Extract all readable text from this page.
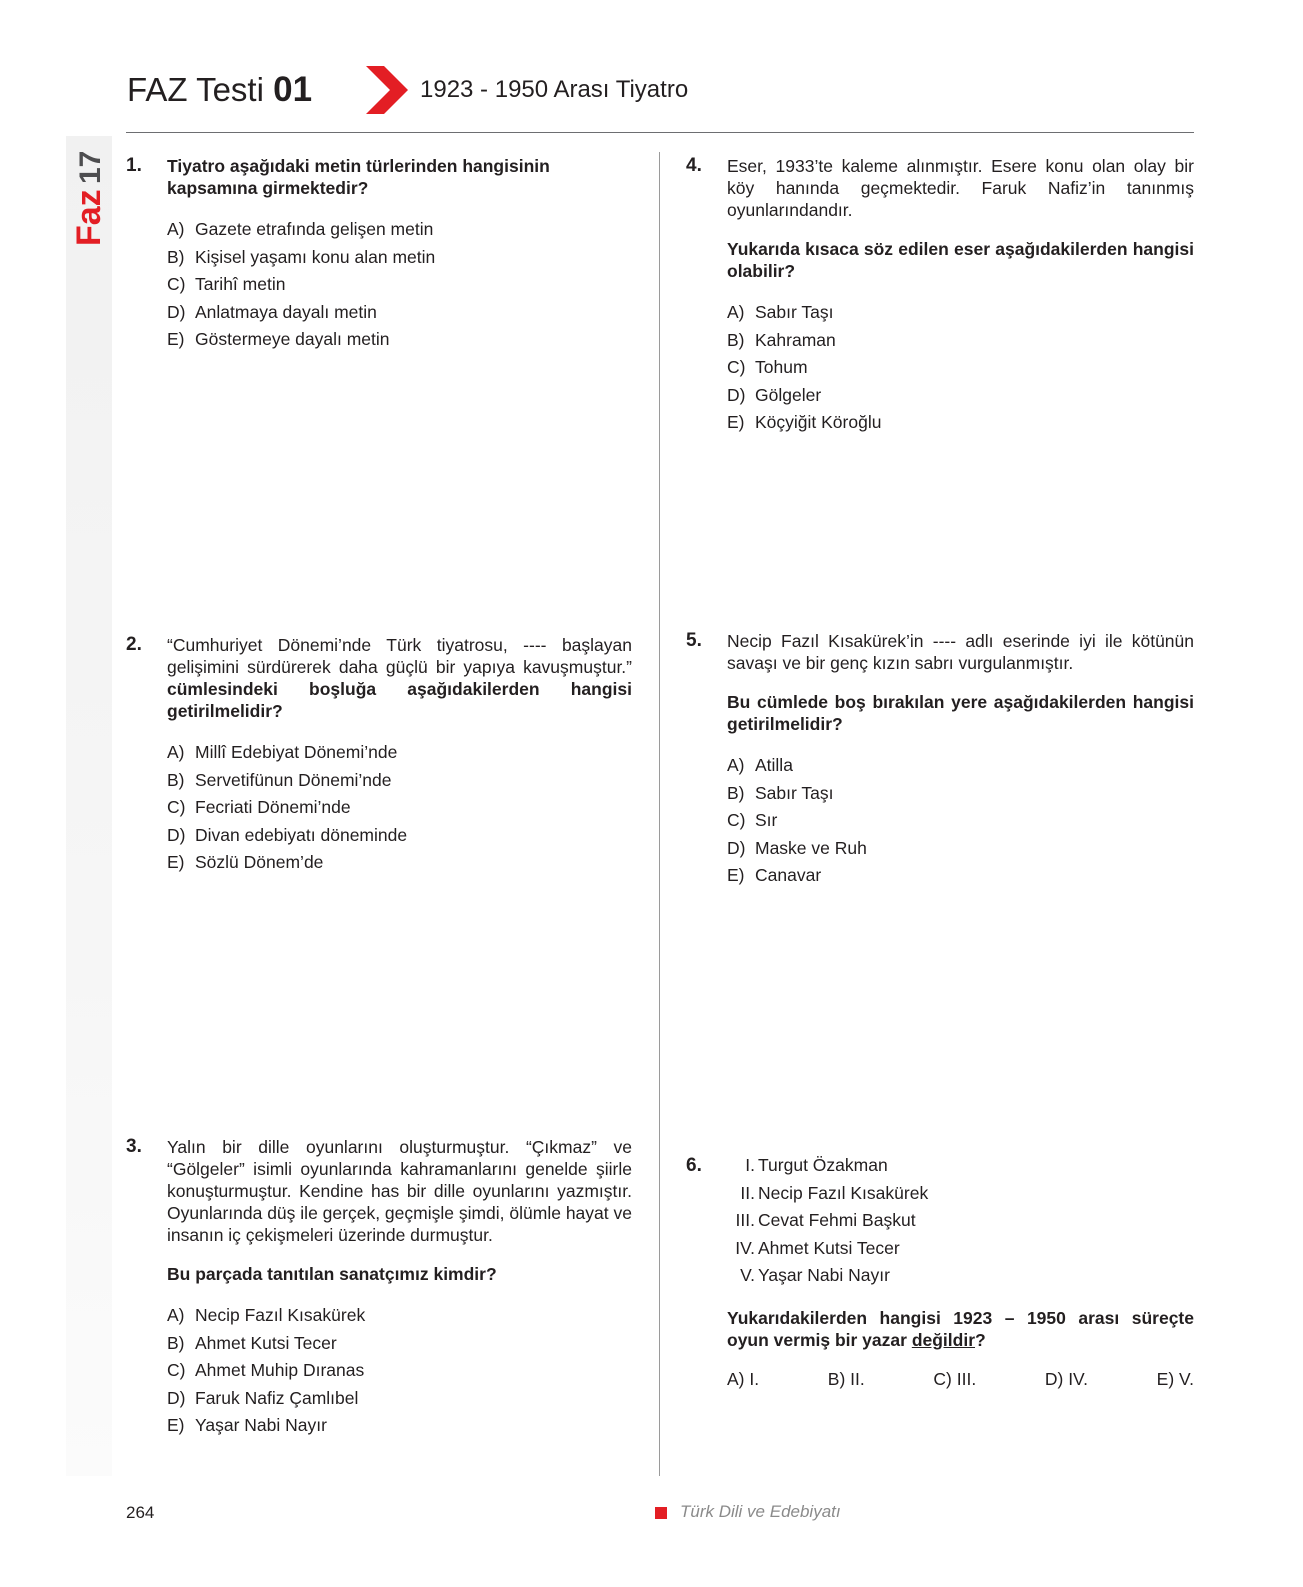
Faz
17
FAZ Testi 01	1923 - 1950 Arası Tiyatro
1. Tiyatro aşağıdaki metin türlerinden hangisinin kapsamına girmektedir?

A) Gazete etrafında gelişen metin
B) Kişisel yaşamı konu alan metin
C) Tarihî metin
D) Anlatmaya dayalı metin
E) Göstermeye dayalı metin
2. “Cumhuriyet Dönemi’nde Türk tiyatrosu, ---- başlayan gelişimini sürdürerek daha güçlü bir yapıya kavuşmuştur.” cümlesindeki boşluğa aşağıdakilerden hangisi getirilmelidir?

A) Millî Edebiyat Dönemi’nde
B) Servetifünun Dönemi’nde
C) Fecriati Dönemi’nde
D) Divan edebiyatı döneminde
E) Sözlü Dönem’de
3. Yalın bir dille oyunlarını oluşturmuştur. “Çıkmaz” ve “Gölgeler” isimli oyunlarında kahramanlarını genelde şiirle konuşturmuştur. Kendine has bir dille oyunlarını yazmıştır. Oyunlarında düş ile gerçek, geçmişle şimdi, ölümle hayat ve insanın iç çekişmeleri üzerinde durmuştur.

Bu parçada tanıtılan sanatçımız kimdir?

A) Necip Fazıl Kısakürek
B) Ahmet Kutsi Tecer
C) Ahmet Muhip Dıranas
D) Faruk Nafiz Çamlıbel
E) Yaşar Nabi Nayır
4. Eser, 1933’te kaleme alınmıştır. Esere konu olan olay bir köy hanında geçmektedir. Faruk Nafiz’in tanınmış oyunlarındandır.

Yukarıda kısaca söz edilen eser aşağıdakilerden hangisi olabilir?

A) Sabır Taşı
B) Kahraman
C) Tohum
D) Gölgeler
E) Köçyiğit Köroğlu
5. Necip Fazıl Kısakürek’in ---- adlı eserinde iyi ile kötünün savaşı ve bir genç kızın sabrı vurgulanmıştır.

Bu cümlede boş bırakılan yere aşağıdakilerden hangisi getirilmelidir?

A) Atilla
B) Sabır Taşı
C) Sır
D) Maske ve Ruh
E) Canavar
6.	I. Turgut Özakman
II. Necip Fazıl Kısakürek
III. Cevat Fehmi Başkut
IV. Ahmet Kutsi Tecer
V. Yaşar Nabi Nayır

Yukarıdakilerden hangisi 1923 – 1950 arası süreçte oyun vermiş bir yazar değildir?

A) I.	B) II.	C) III.	D) IV.	E) V.
264	Türk Dili ve Edebiyatı
